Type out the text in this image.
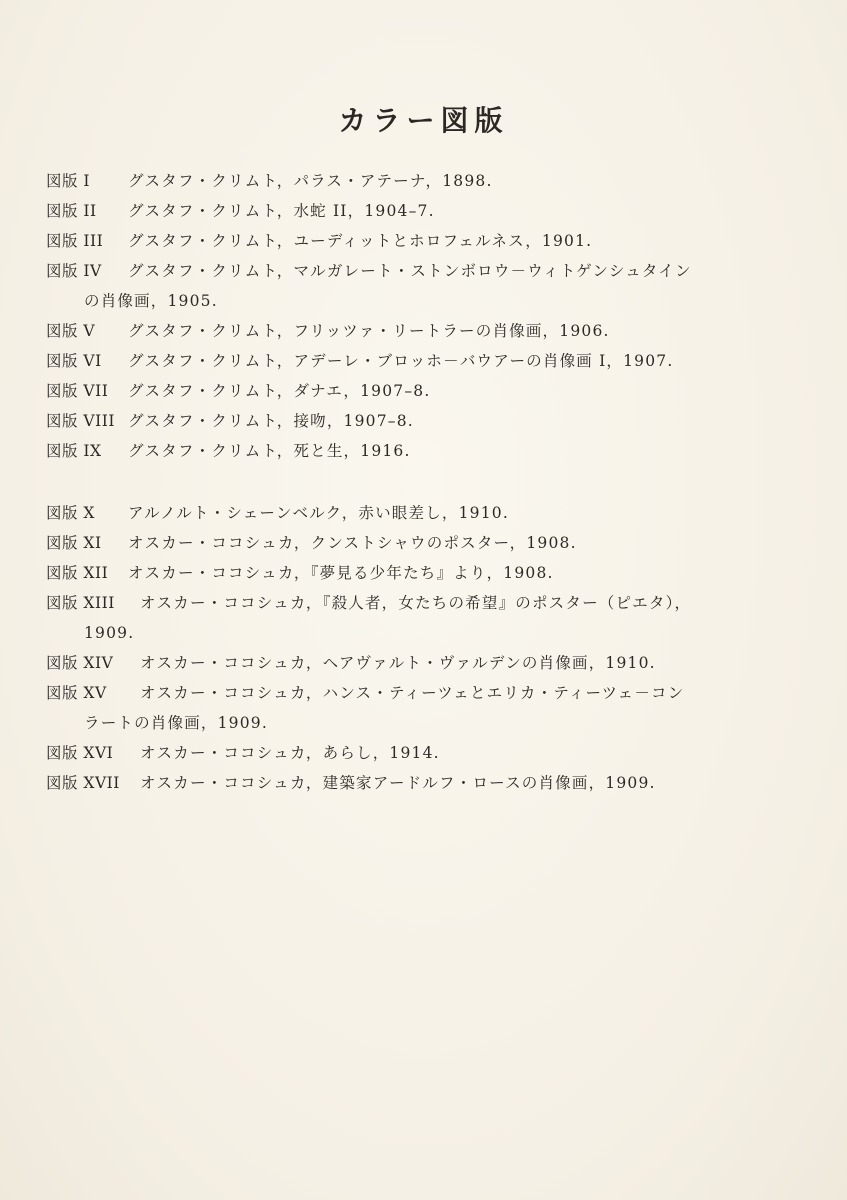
カラー図版
図版 I	グスタフ・クリムト，パラス・アテーナ，1898.
図版 II	グスタフ・クリムト，水蛇 II，1904–7.
図版 III	グスタフ・クリムト，ユーディットとホロフェルネス，1901.
図版 IV	グスタフ・クリムト，マルガレート・ストンボロウ－ウィトゲンシュタイン
の肖像画，1905.
図版 V	グスタフ・クリムト，フリッツァ・リートラーの肖像画，1906.
図版 VI	グスタフ・クリムト，アデーレ・ブロッホ－バウアーの肖像画 I，1907.
図版 VII	グスタフ・クリムト，ダナエ，1907–8.
図版 VIII グスタフ・クリムト，接吻，1907–8.
図版 IX	グスタフ・クリムト，死と生，1916.
図版 X	アルノルト・シェーンベルク，赤い眼差し，1910.
図版 XI	オスカー・ココシュカ，クンストシャウのポスター，1908.
図版 XII	オスカー・ココシュカ，『夢見る少年たち』より，1908.
図版 XIII	オスカー・ココシュカ，『殺人者，女たちの希望』のポスター（ピエタ），
1909.
図版 XIV	オスカー・ココシュカ，ヘアヴァルト・ヴァルデンの肖像画，1910.
図版 XV	オスカー・ココシュカ，ハンス・ティーツェとエリカ・ティーツェ－コン
ラートの肖像画，1909.
図版 XVI	オスカー・ココシュカ，あらし，1914.
図版 XVII	オスカー・ココシュカ，建築家アードルフ・ロースの肖像画，1909.
